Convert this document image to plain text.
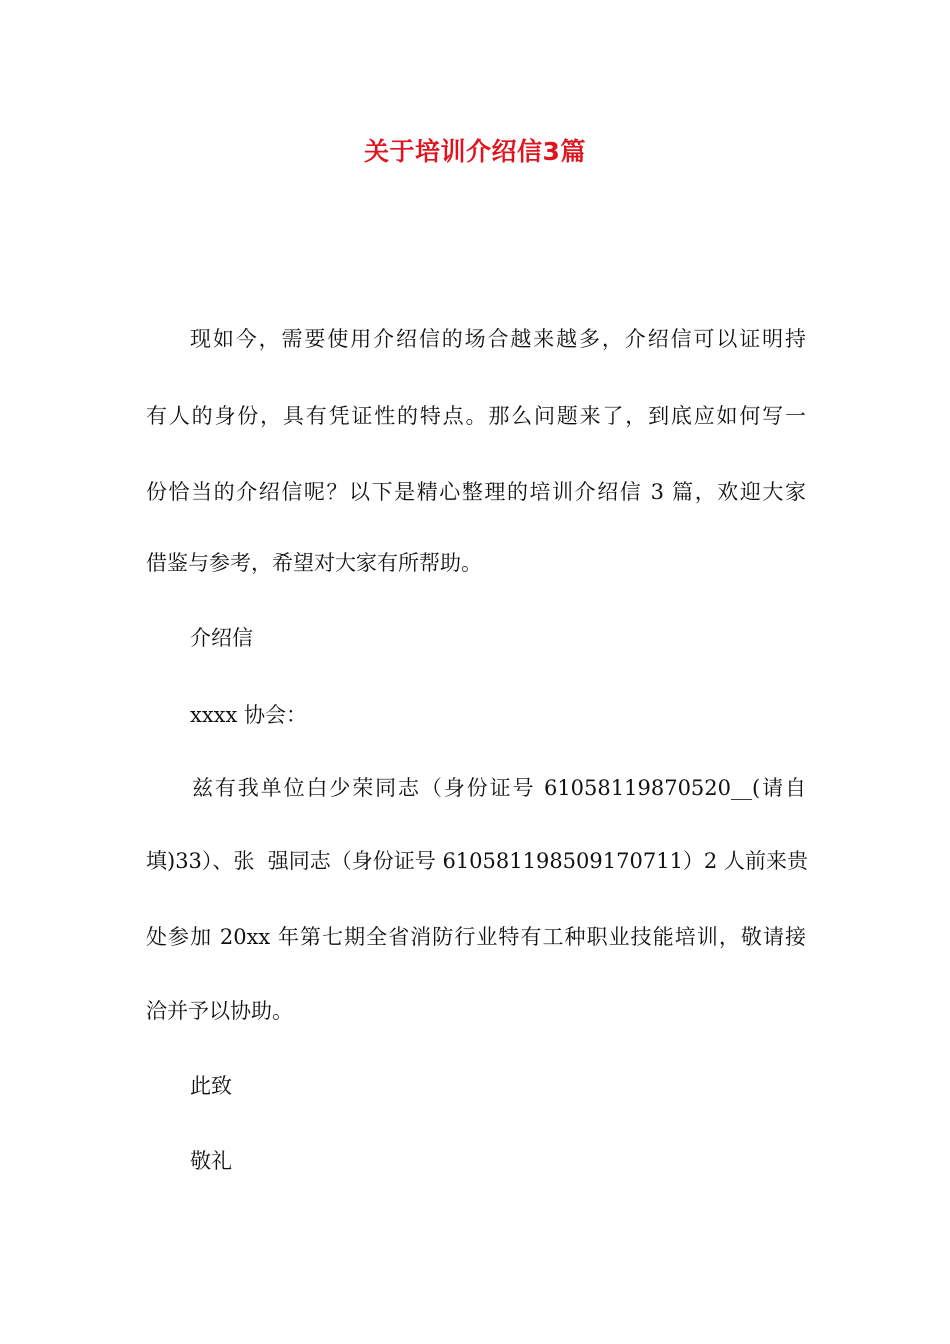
关于培训介绍信3篇
现如今，需要使用介绍信的场合越来越多，介绍信可以证明持
有人的身份，具有凭证性的特点。那么问题来了，到底应如何写一
份恰当的介绍信呢？以下是精心整理的培训介绍信 3 篇，欢迎大家
借鉴与参考，希望对大家有所帮助。
介绍信
xxxx 协会：
兹有我单位白少荣同志（身份证号 61058119870520__(请自
填)33）、张  强同志（身份证号 610581198509170711）2 人前来贵
处参加 20xx 年第七期全省消防行业特有工种职业技能培训，敬请接
洽并予以协助。
此致
敬礼
